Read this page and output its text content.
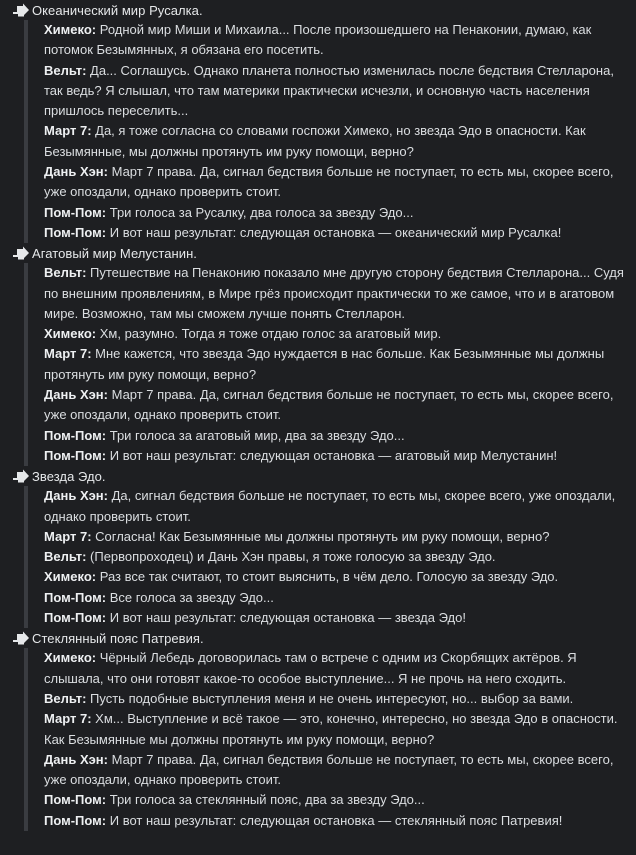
Океанический мир Русалка.
Химеко: Родной мир Миши и Михаила... После произошедшего на Пенаконии, думаю, как потомок Безымянных, я обязана его посетить.
Вельт: Да... Соглашусь. Однако планета полностью изменилась после бедствия Стелларона, так ведь? Я слышал, что там материки практически исчезли, и основную часть населения пришлось переселить...
Март 7: Да, я тоже согласна со словами госпожи Химеко, но звезда Эдо в опасности. Как Безымянные, мы должны протянуть им руку помощи, верно?
Дань Хэн: Март 7 права. Да, сигнал бедствия больше не поступает, то есть мы, скорее всего, уже опоздали, однако проверить стоит.
Пом-Пом: Три голоса за Русалку, два голоса за звезду Эдо...
Пом-Пом: И вот наш результат: следующая остановка — океанический мир Русалка!
Агатовый мир Мелустанин.
Вельт: Путешествие на Пенаконию показало мне другую сторону бедствия Стелларона... Судя по внешним проявлениям, в Мире грёз происходит практически то же самое, что и в агатовом мире. Возможно, там мы сможем лучше понять Стелларон.
Химеко: Хм, разумно. Тогда я тоже отдаю голос за агатовый мир.
Март 7: Мне кажется, что звезда Эдо нуждается в нас больше. Как Безымянные мы должны протянуть им руку помощи, верно?
Дань Хэн: Март 7 права. Да, сигнал бедствия больше не поступает, то есть мы, скорее всего, уже опоздали, однако проверить стоит.
Пом-Пом: Три голоса за агатовый мир, два за звезду Эдо...
Пом-Пом: И вот наш результат: следующая остановка — агатовый мир Мелустанин!
Звезда Эдо.
Дань Хэн: Да, сигнал бедствия больше не поступает, то есть мы, скорее всего, уже опоздали, однако проверить стоит.
Март 7: Согласна! Как Безымянные мы должны протянуть им руку помощи, верно?
Вельт: (Первопроходец) и Дань Хэн правы, я тоже голосую за звезду Эдо.
Химеко: Раз все так считают, то стоит выяснить, в чём дело. Голосую за звезду Эдо.
Пом-Пом: Все голоса за звезду Эдо...
Пом-Пом: И вот наш результат: следующая остановка — звезда Эдо!
Стеклянный пояс Патревия.
Химеко: Чёрный Лебедь договорилась там о встрече с одним из Скорбящих актёров. Я слышала, что они готовят какое-то особое выступление... Я не прочь на него сходить.
Вельт: Пусть подобные выступления меня и не очень интересуют, но... выбор за вами.
Март 7: Хм... Выступление и всё такое — это, конечно, интересно, но звезда Эдо в опасности. Как Безымянные мы должны протянуть им руку помощи, верно?
Дань Хэн: Март 7 права. Да, сигнал бедствия больше не поступает, то есть мы, скорее всего, уже опоздали, однако проверить стоит.
Пом-Пом: Три голоса за стеклянный пояс, два за звезду Эдо...
Пом-Пом: И вот наш результат: следующая остановка — стеклянный пояс Патревия!
